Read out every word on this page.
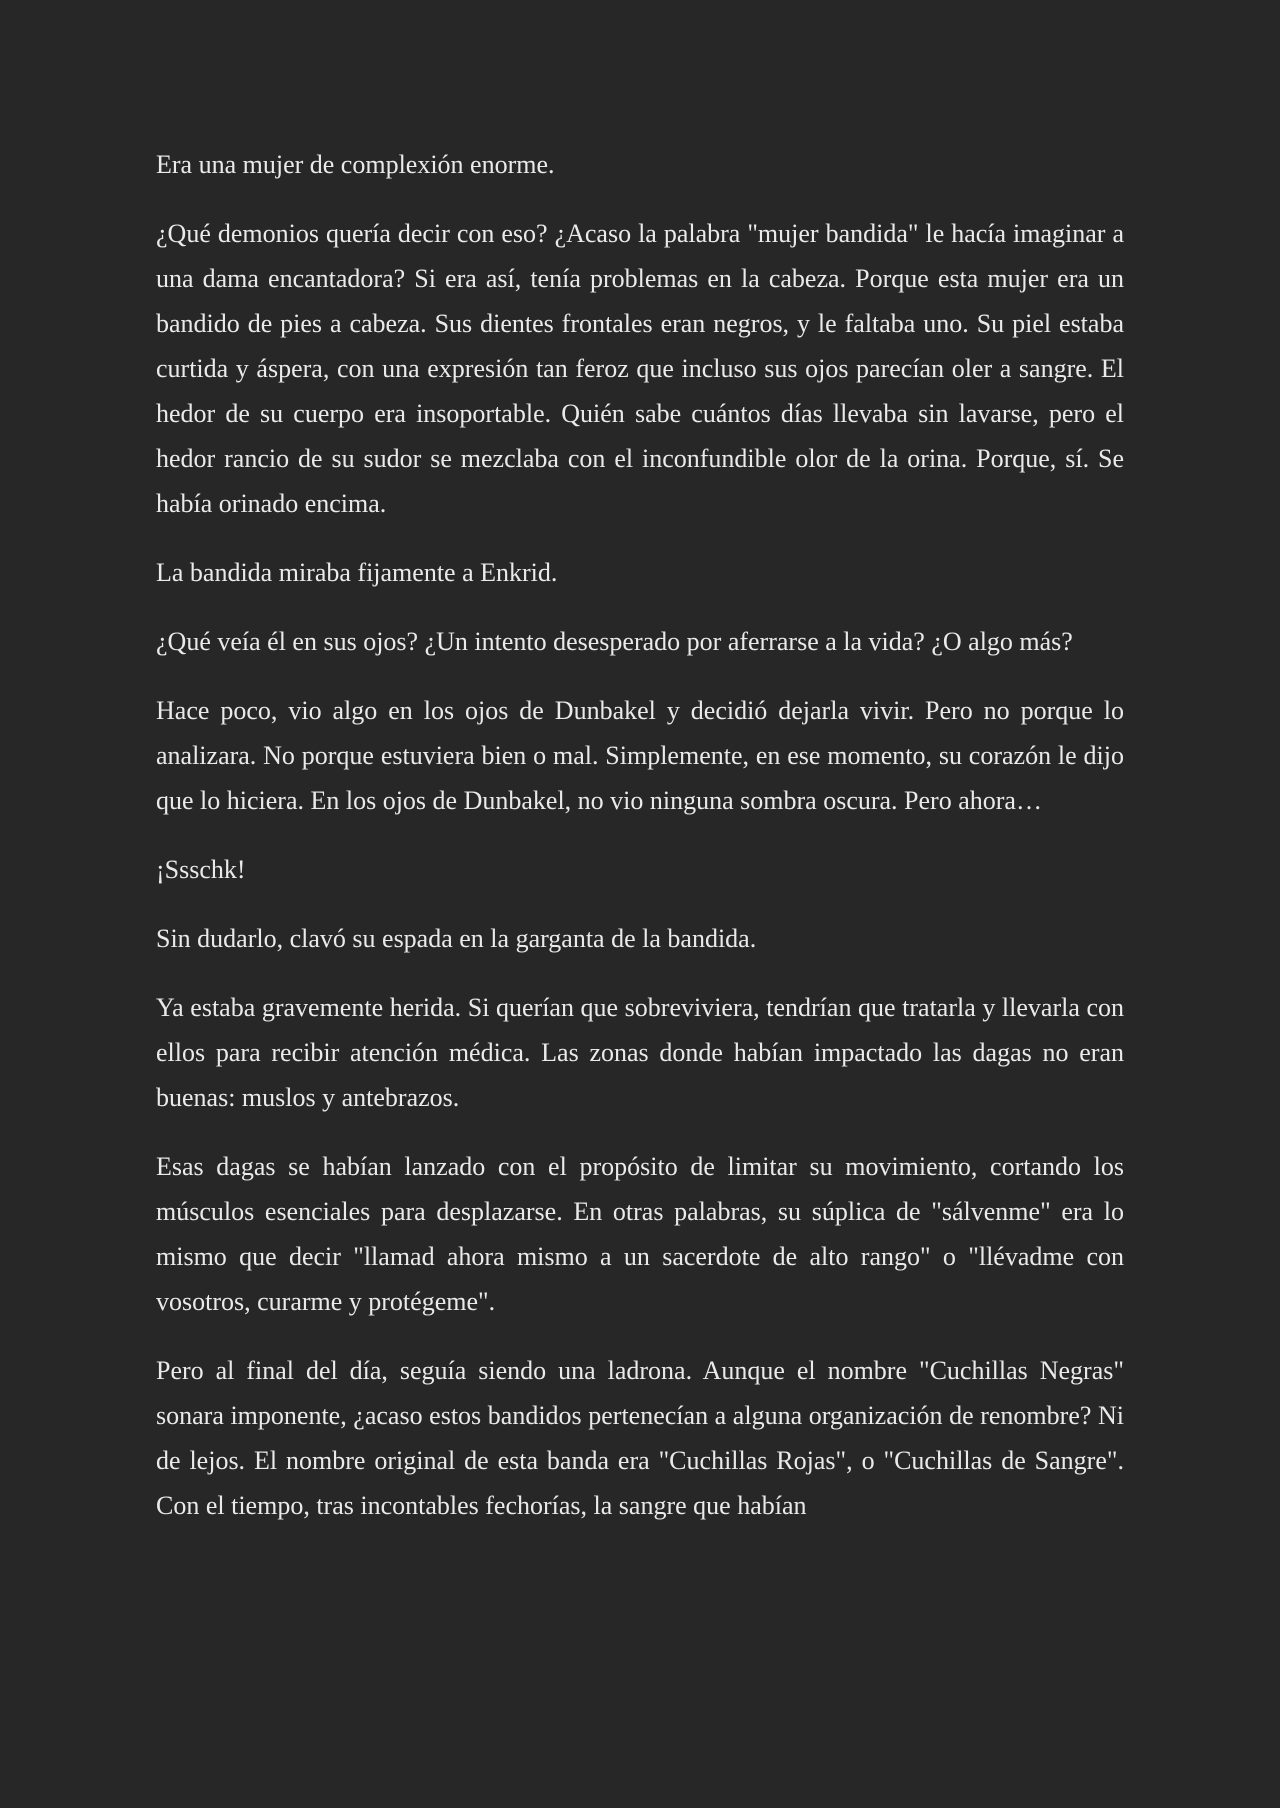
Era una mujer de complexión enorme.

¿Qué demonios quería decir con eso? ¿Acaso la palabra "mujer bandida" le hacía imaginar a una dama encantadora? Si era así, tenía problemas en la cabeza. Porque esta mujer era un bandido de pies a cabeza. Sus dientes frontales eran negros, y le faltaba uno. Su piel estaba curtida y áspera, con una expresión tan feroz que incluso sus ojos parecían oler a sangre. El hedor de su cuerpo era insoportable. Quién sabe cuántos días llevaba sin lavarse, pero el hedor rancio de su sudor se mezclaba con el inconfundible olor de la orina. Porque, sí. Se había orinado encima.

La bandida miraba fijamente a Enkrid.

¿Qué veía él en sus ojos? ¿Un intento desesperado por aferrarse a la vida? ¿O algo más?

Hace poco, vio algo en los ojos de Dunbakel y decidió dejarla vivir. Pero no porque lo analizara. No porque estuviera bien o mal. Simplemente, en ese momento, su corazón le dijo que lo hiciera. En los ojos de Dunbakel, no vio ninguna sombra oscura. Pero ahora…

¡Ssschk!

Sin dudarlo, clavó su espada en la garganta de la bandida.

Ya estaba gravemente herida. Si querían que sobreviviera, tendrían que tratarla y llevarla con ellos para recibir atención médica. Las zonas donde habían impactado las dagas no eran buenas: muslos y antebrazos.

Esas dagas se habían lanzado con el propósito de limitar su movimiento, cortando los músculos esenciales para desplazarse. En otras palabras, su súplica de "sálvenme" era lo mismo que decir "llamad ahora mismo a un sacerdote de alto rango" o "llévadme con vosotros, curarme y protégeme".

Pero al final del día, seguía siendo una ladrona. Aunque el nombre "Cuchillas Negras" sonara imponente, ¿acaso estos bandidos pertenecían a alguna organización de renombre? Ni de lejos. El nombre original de esta banda era "Cuchillas Rojas", o "Cuchillas de Sangre". Con el tiempo, tras incontables fechorías, la sangre que habían
